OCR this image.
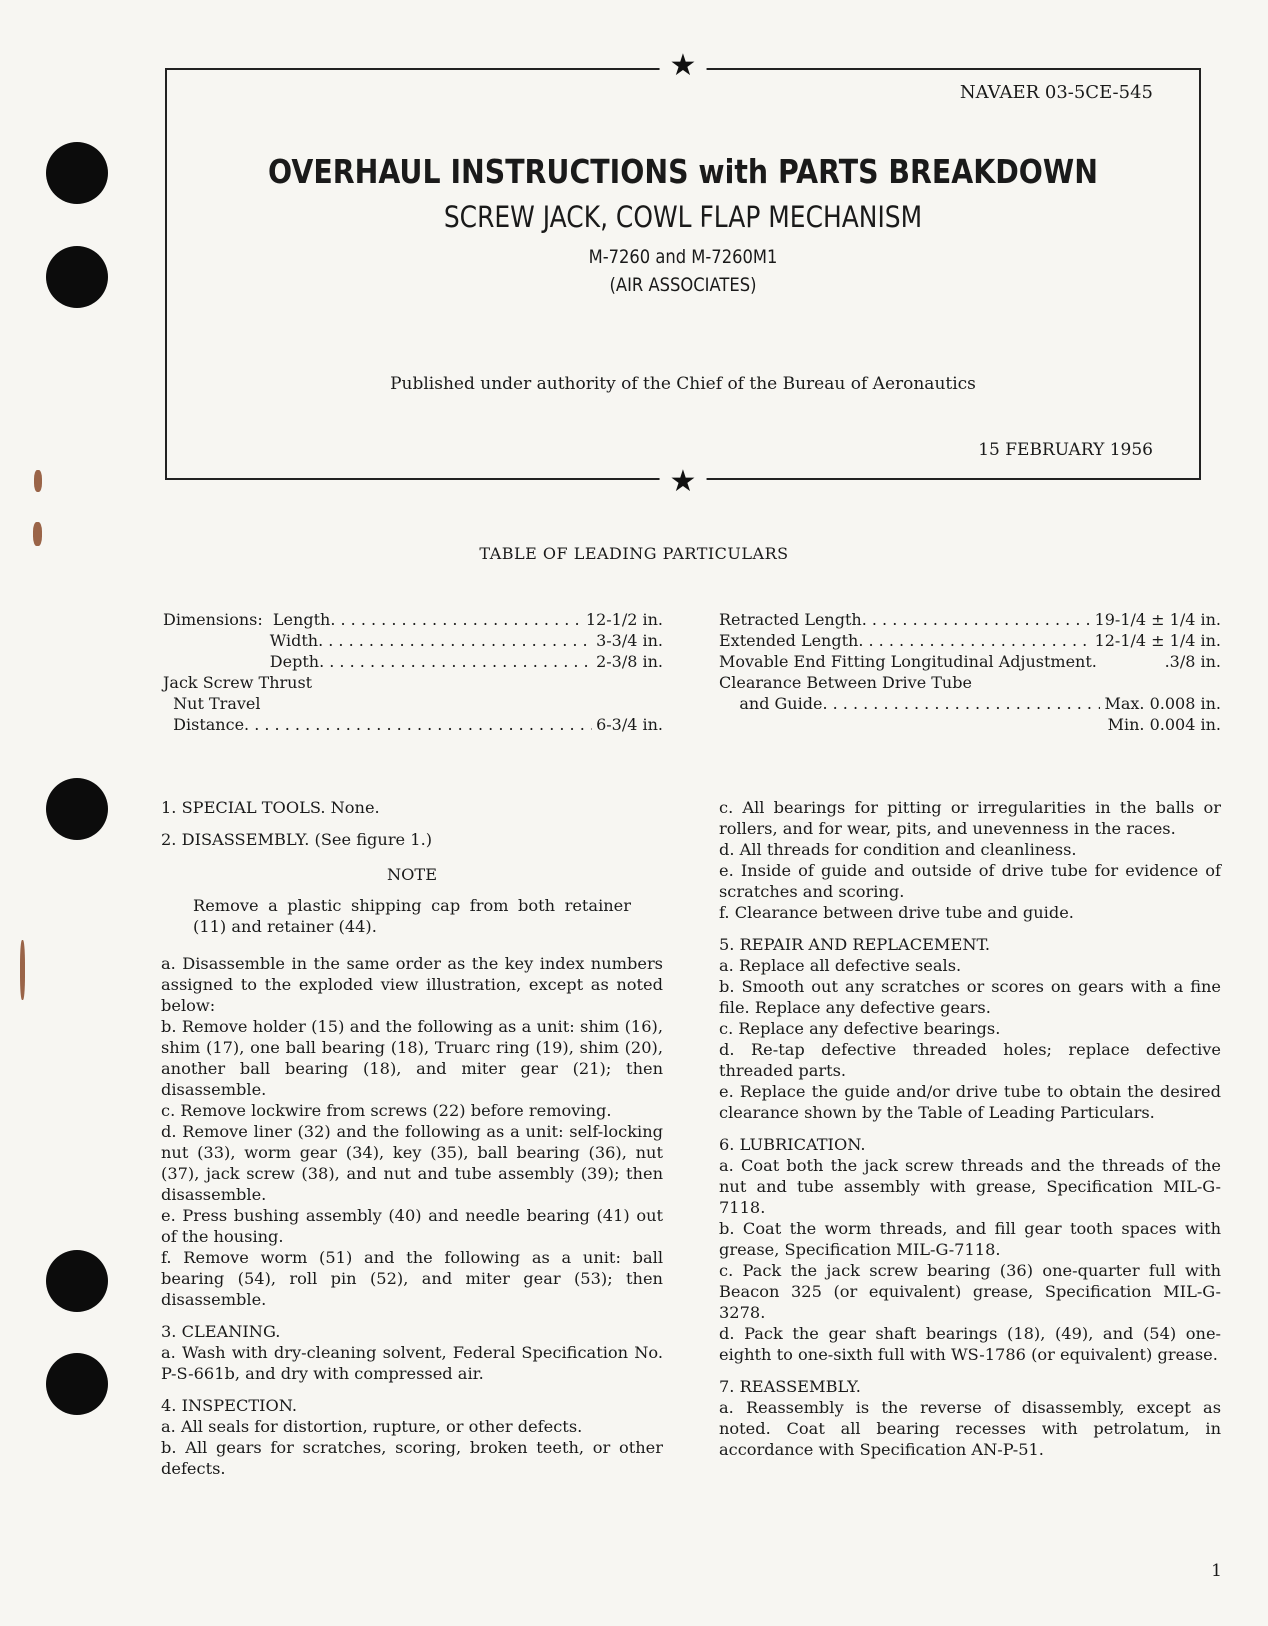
★
★
NAVAER 03-5CE-545
OVERHAUL INSTRUCTIONS with PARTS BREAKDOWN
SCREW JACK, COWL FLAP MECHANISM
M-7260 and M-7260M1
(AIR ASSOCIATES)
Published under authority of the Chief of the Bureau of Aeronautics
15 FEBRUARY 1956
TABLE OF LEADING PARTICULARS
Dimensions:  Length . . .	12-1/2 in.
Width . . .	3-3/4 in.
Depth . . .	2-3/8 in.
Jack Screw Thrust
Nut Travel
Distance . . .	6-3/4 in.
Retracted Length . . .	19-1/4 ± 1/4 in.
Extended Length . . .	12-1/4 ± 1/4 in.
Movable End Fitting Longitudinal Adjustment.	.3/8 in.
Clearance Between Drive Tube
and Guide . . .	Max. 0.008 in.
Min. 0.004 in.

1. SPECIAL TOOLS. None.

2. DISASSEMBLY. (See figure 1.)

NOTE

Remove a plastic shipping cap from both retainer (11) and retainer (44).

a. Disassemble in the same order as the key index numbers assigned to the exploded view illustration, except as noted below:

b. Remove holder (15) and the following as a unit: shim (16), shim (17), one ball bearing (18), Truarc ring (19), shim (20), another ball bearing (18), and miter gear (21); then disassemble.

c. Remove lockwire from screws (22) before removing.

d. Remove liner (32) and the following as a unit: self-locking nut (33), worm gear (34), key (35), ball bearing (36), nut (37), jack screw (38), and nut and tube assembly (39); then disassemble.

e. Press bushing assembly (40) and needle bearing (41) out of the housing.

f. Remove worm (51) and the following as a unit: ball bearing (54), roll pin (52), and miter gear (53); then disassemble.

3. CLEANING.

a. Wash with dry-cleaning solvent, Federal Specification No. P-S-661b, and dry with compressed air.

4. INSPECTION.

a. All seals for distortion, rupture, or other defects.

b. All gears for scratches, scoring, broken teeth, or other defects.

c. All bearings for pitting or irregularities in the balls or rollers, and for wear, pits, and unevenness in the races.

d. All threads for condition and cleanliness.

e. Inside of guide and outside of drive tube for evidence of scratches and scoring.

f. Clearance between drive tube and guide.

5. REPAIR AND REPLACEMENT.

a. Replace all defective seals.

b. Smooth out any scratches or scores on gears with a fine file. Replace any defective gears.

c. Replace any defective bearings.

d. Re-tap defective threaded holes; replace defective threaded parts.

e. Replace the guide and/or drive tube to obtain the desired clearance shown by the Table of Leading Particulars.

6. LUBRICATION.

a. Coat both the jack screw threads and the threads of the nut and tube assembly with grease, Specification MIL-G-7118.

b. Coat the worm threads, and fill gear tooth spaces with grease, Specification MIL-G-7118.

c. Pack the jack screw bearing (36) one-quarter full with Beacon 325 (or equivalent) grease, Specification MIL-G-3278.

d. Pack the gear shaft bearings (18), (49), and (54) one-eighth to one-sixth full with WS-1786 (or equivalent) grease.

7. REASSEMBLY.

a. Reassembly is the reverse of disassembly, except as noted. Coat all bearing recesses with petrolatum, in accordance with Specification AN-P-51.

1
